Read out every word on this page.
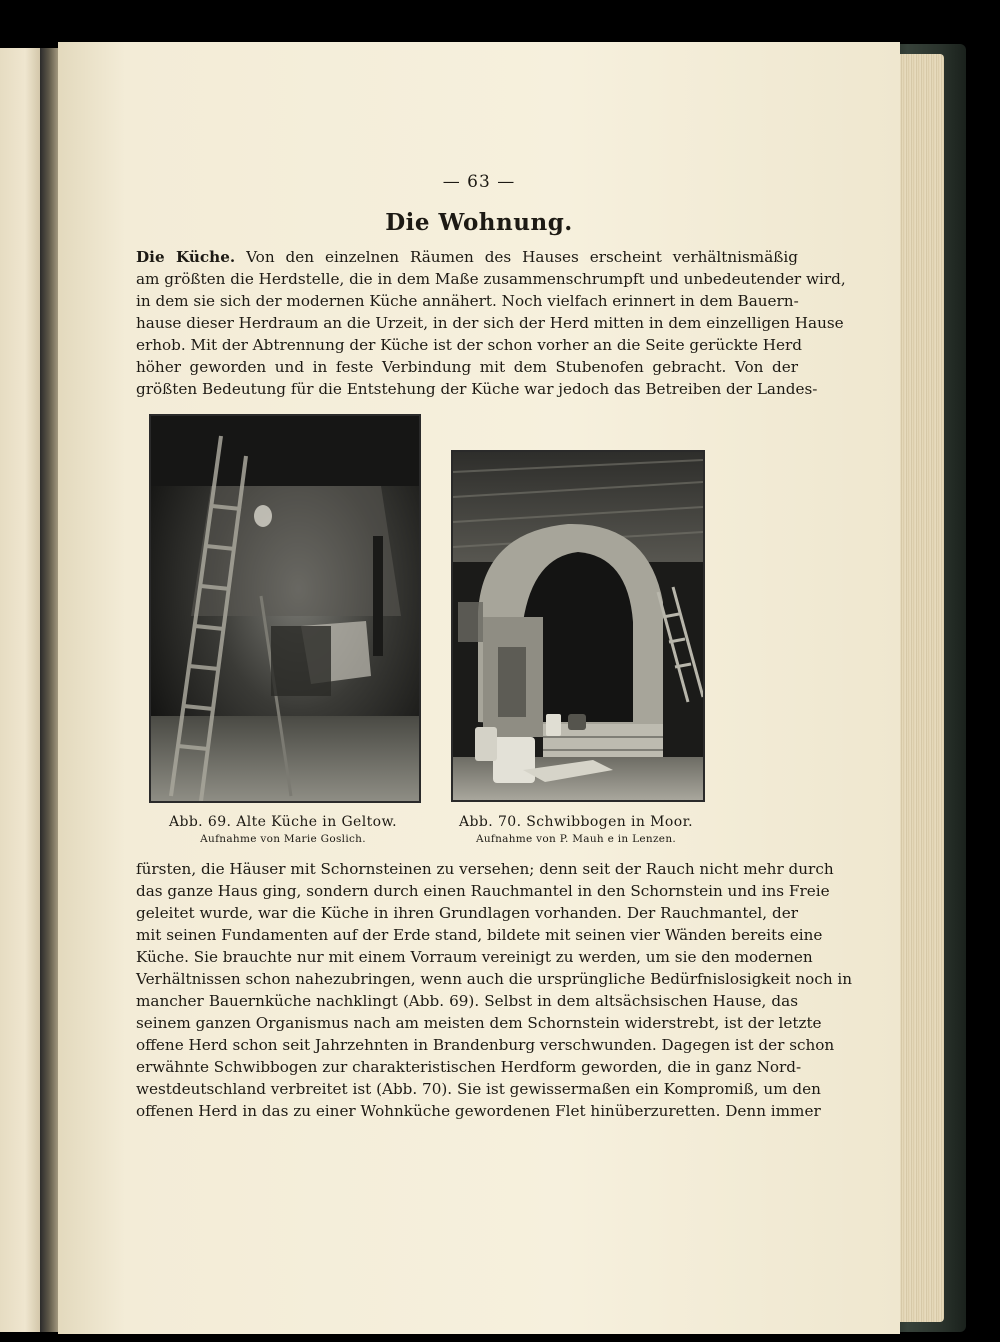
— 63 —
Die Wohnung.
Die Küche. Von den einzelnen Räumen des Hauses erscheint verhältnismäßig
am größten die Herdstelle, die in dem Maße zusammenschrumpft und unbedeutender wird,
in dem sie sich der modernen Küche annähert. Noch vielfach erinnert in dem Bauern-
hause dieser Herdraum an die Urzeit, in der sich der Herd mitten in dem einzelligen Hause
erhob. Mit der Abtrennung der Küche ist der schon vorher an die Seite gerückte Herd
höher geworden und in feste Verbindung mit dem Stubenofen gebracht. Von der
größten Bedeutung für die Entstehung der Küche war jedoch das Betreiben der Landes-
Abb. 69. Alte Küche in Geltow.
Aufnahme von Marie Goslich.
Abb. 70. Schwibbogen in Moor.
Aufnahme von P. Mauh e in Lenzen.
fürsten, die Häuser mit Schornsteinen zu versehen; denn seit der Rauch nicht mehr durch
das ganze Haus ging, sondern durch einen Rauchmantel in den Schornstein und ins Freie
geleitet wurde, war die Küche in ihren Grundlagen vorhanden. Der Rauchmantel, der
mit seinen Fundamenten auf der Erde stand, bildete mit seinen vier Wänden bereits eine
Küche. Sie brauchte nur mit einem Vorraum vereinigt zu werden, um sie den modernen
Verhältnissen schon nahezubringen, wenn auch die ursprüngliche Bedürfnislosigkeit noch in
mancher Bauernküche nachklingt (Abb. 69). Selbst in dem altsächsischen Hause, das
seinem ganzen Organismus nach am meisten dem Schornstein widerstrebt, ist der letzte
offene Herd schon seit Jahrzehnten in Brandenburg verschwunden. Dagegen ist der schon
erwähnte Schwibbogen zur charakteristischen Herdform geworden, die in ganz Nord-
westdeutschland verbreitet ist (Abb. 70). Sie ist gewissermaßen ein Kompromiß, um den
offenen Herd in das zu einer Wohnküche gewordenen Flet hinüberzuretten. Denn immer
